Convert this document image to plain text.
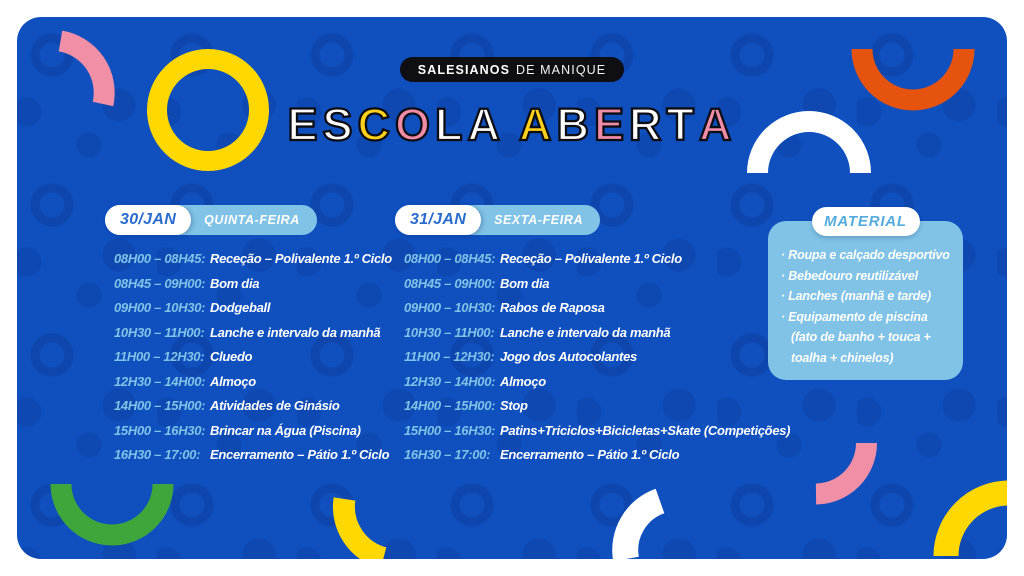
SALESIANOS DE MANIQUE
ESCOLA ABERTA
30/JAN	QUINTA-FEIRA
08H00 – 08H45: Receção – Polivalente 1.º Ciclo
08H45 – 09H00: Bom dia
09H00 – 10H30: Dodgeball
10H30 – 11H00: Lanche e intervalo da manhã
11H00 – 12H30: Cluedo
12H30 – 14H00: Almoço
14H00 – 15H00: Atividades de Ginásio
15H00 – 16H30: Brincar na Água (Piscina)
16H30 – 17:00: Encerramento – Pátio 1.º Ciclo
31/JAN	SEXTA-FEIRA
08H00 – 08H45: Receção – Polivalente 1.º Ciclo
08H45 – 09H00: Bom dia
09H00 – 10H30: Rabos de Raposa
10H30 – 11H00: Lanche e intervalo da manhã
11H00 – 12H30: Jogo dos Autocolantes
12H30 – 14H00: Almoço
14H00 – 15H00: Stop
15H00 – 16H30: Patins+Triciclos+Bicicletas+Skate (Competições)
16H30 – 17:00: Encerramento – Pátio 1.º Ciclo
MATERIAL
· Roupa e calçado desportivo
· Bebedouro reutilizável
· Lanches (manhã e tarde)
· Equipamento de piscina (fato de banho + touca + toalha + chinelos)
